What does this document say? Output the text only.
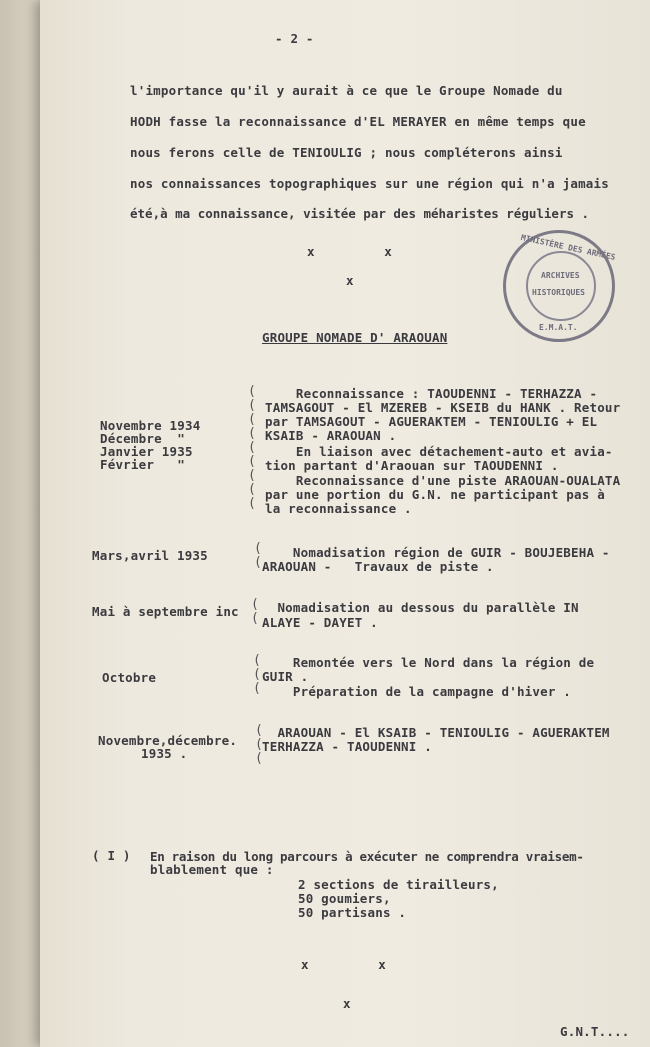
- 2 -
l'importance qu'il y aurait à ce que le Groupe Nomade du
HODH fasse la reconnaissance d'EL MERAYER en même temps que
nous ferons celle de TENIOULIG ; nous compléterons ainsi
nos connaissances topographiques sur une région qui n'a jamais
été,à ma connaissance, visitée par des méharistes réguliers .
x         x
x
MINISTÈRE DES ARMÉES
ARCHIVES
HISTORIQUES
E.M.A.T.
GROUPE NOMADE D' ARAOUAN
Novembre 1934
Décembre  "
Janvier 1935
Février   "
(
(
(
(
(
(
(
(
(
Reconnaissance : TAOUDENNI - TERHAZZA -
TAMSAGOUT - El MZEREB - KSEIB du HANK . Retour
par TAMSAGOUT - AGUERAKTEM - TENIOULIG + EL
KSAIB - ARAOUAN .
En liaison avec détachement-auto et avia-
tion partant d'Araouan sur TAOUDENNI .
Reconnaissance d'une piste ARAOUAN-OUALATA
par une portion du G.N. ne participant pas à
la reconnaissance .
Mars,avril 1935	(
(
Nomadisation région de GUIR - BOUJEBEHA -
ARAOUAN -   Travaux de piste .
Mai à septembre inc (
(
Nomadisation au dessous du parallèle IN
ALAYE - DAYET .
Octobre
(
(
(
Remontée vers le Nord dans la région de
GUIR .
Préparation de la campagne d'hiver .
Novembre,décembre.
1935 .
(
(
(
ARAOUAN - El KSAIB - TENIOULIG - AGUERAKTEM
TERHAZZA - TAOUDENNI .
( I ) En raison du long parcours à exécuter ne comprendra vraisem-
blablement que :
2 sections de tirailleurs,
50 goumiers,
50 partisans .
x         x
x
G.N.T....
